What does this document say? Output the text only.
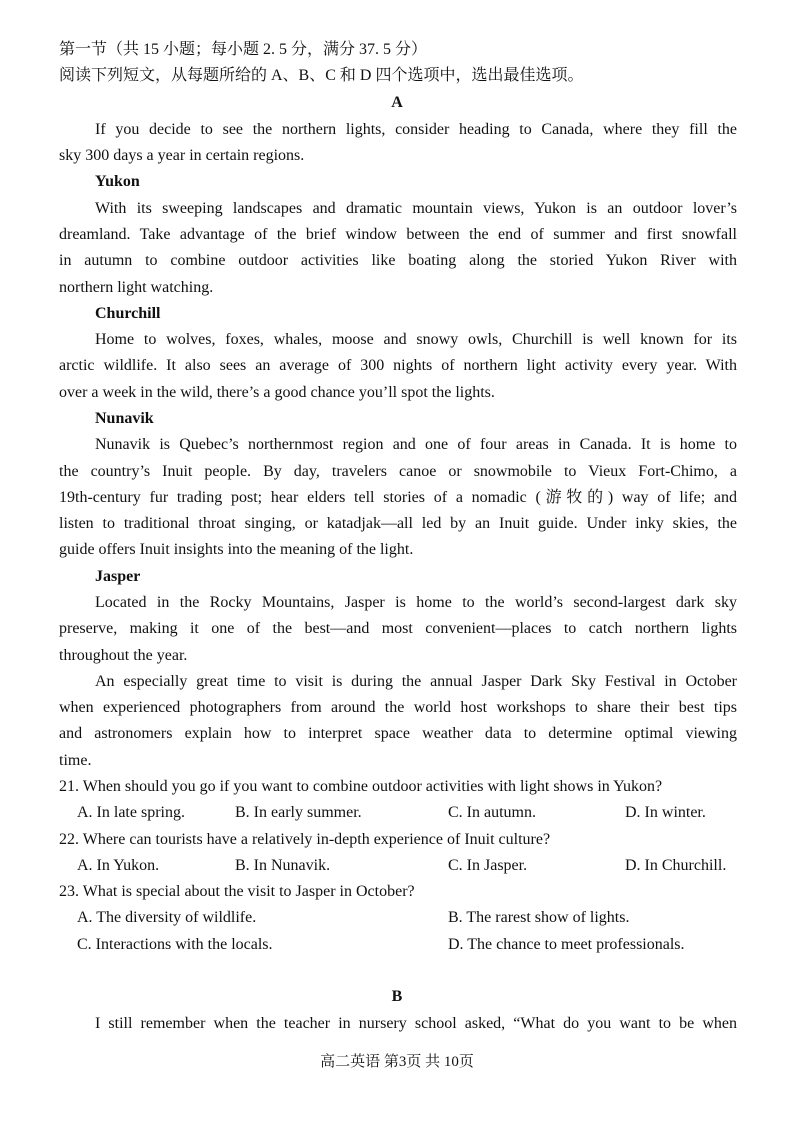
第一节（共 15 小题；每小题 2. 5 分，满分 37. 5 分）
阅读下列短文，从每题所给的 A、B、C 和 D 四个选项中，选出最佳选项。
A
If you decide to see the northern lights, consider heading to Canada, where they fill the
sky 300 days a year in certain regions.
Yukon
With its sweeping landscapes and dramatic mountain views, Yukon is an outdoor lover’s
dreamland. Take advantage of the brief window between the end of summer and first snowfall
in autumn to combine outdoor activities like boating along the storied Yukon River with
northern light watching.
Churchill
Home to wolves, foxes, whales, moose and snowy owls, Churchill is well known for its
arctic wildlife. It also sees an average of 300 nights of northern light activity every year. With
over a week in the wild, there’s a good chance you’ll spot the lights.
Nunavik
Nunavik is Quebec’s northernmost region and one of four areas in Canada. It is home to
the country’s Inuit people. By day, travelers canoe or snowmobile to Vieux Fort-Chimo, a
19th-century fur trading post; hear elders tell stories of a nomadic (游牧的) way of life; and
listen to traditional throat singing, or katadjak—all led by an Inuit guide. Under inky skies, the
guide offers Inuit insights into the meaning of the light.
Jasper
Located in the Rocky Mountains, Jasper is home to the world’s second-largest dark sky
preserve, making it one of the best—and most convenient—places to catch northern lights
throughout the year.
An especially great time to visit is during the annual Jasper Dark Sky Festival in October
when experienced photographers from around the world host workshops to share their best tips
and astronomers explain how to interpret space weather data to determine optimal viewing
time.
21. When should you go if you want to combine outdoor activities with light shows in Yukon?
A. In late spring.	B. In early summer.	C. In autumn.	D. In winter.
22. Where can tourists have a relatively in-depth experience of Inuit culture?
A. In Yukon.	B. In Nunavik.	C. In Jasper.	D. In Churchill.
23. What is special about the visit to Jasper in October?
A. The diversity of wildlife.	B. The rarest show of lights.
C. Interactions with the locals.	D. The chance to meet professionals.
B
I still remember when the teacher in nursery school asked, “What do you want to be when
高二英语 第3页 共 10页
